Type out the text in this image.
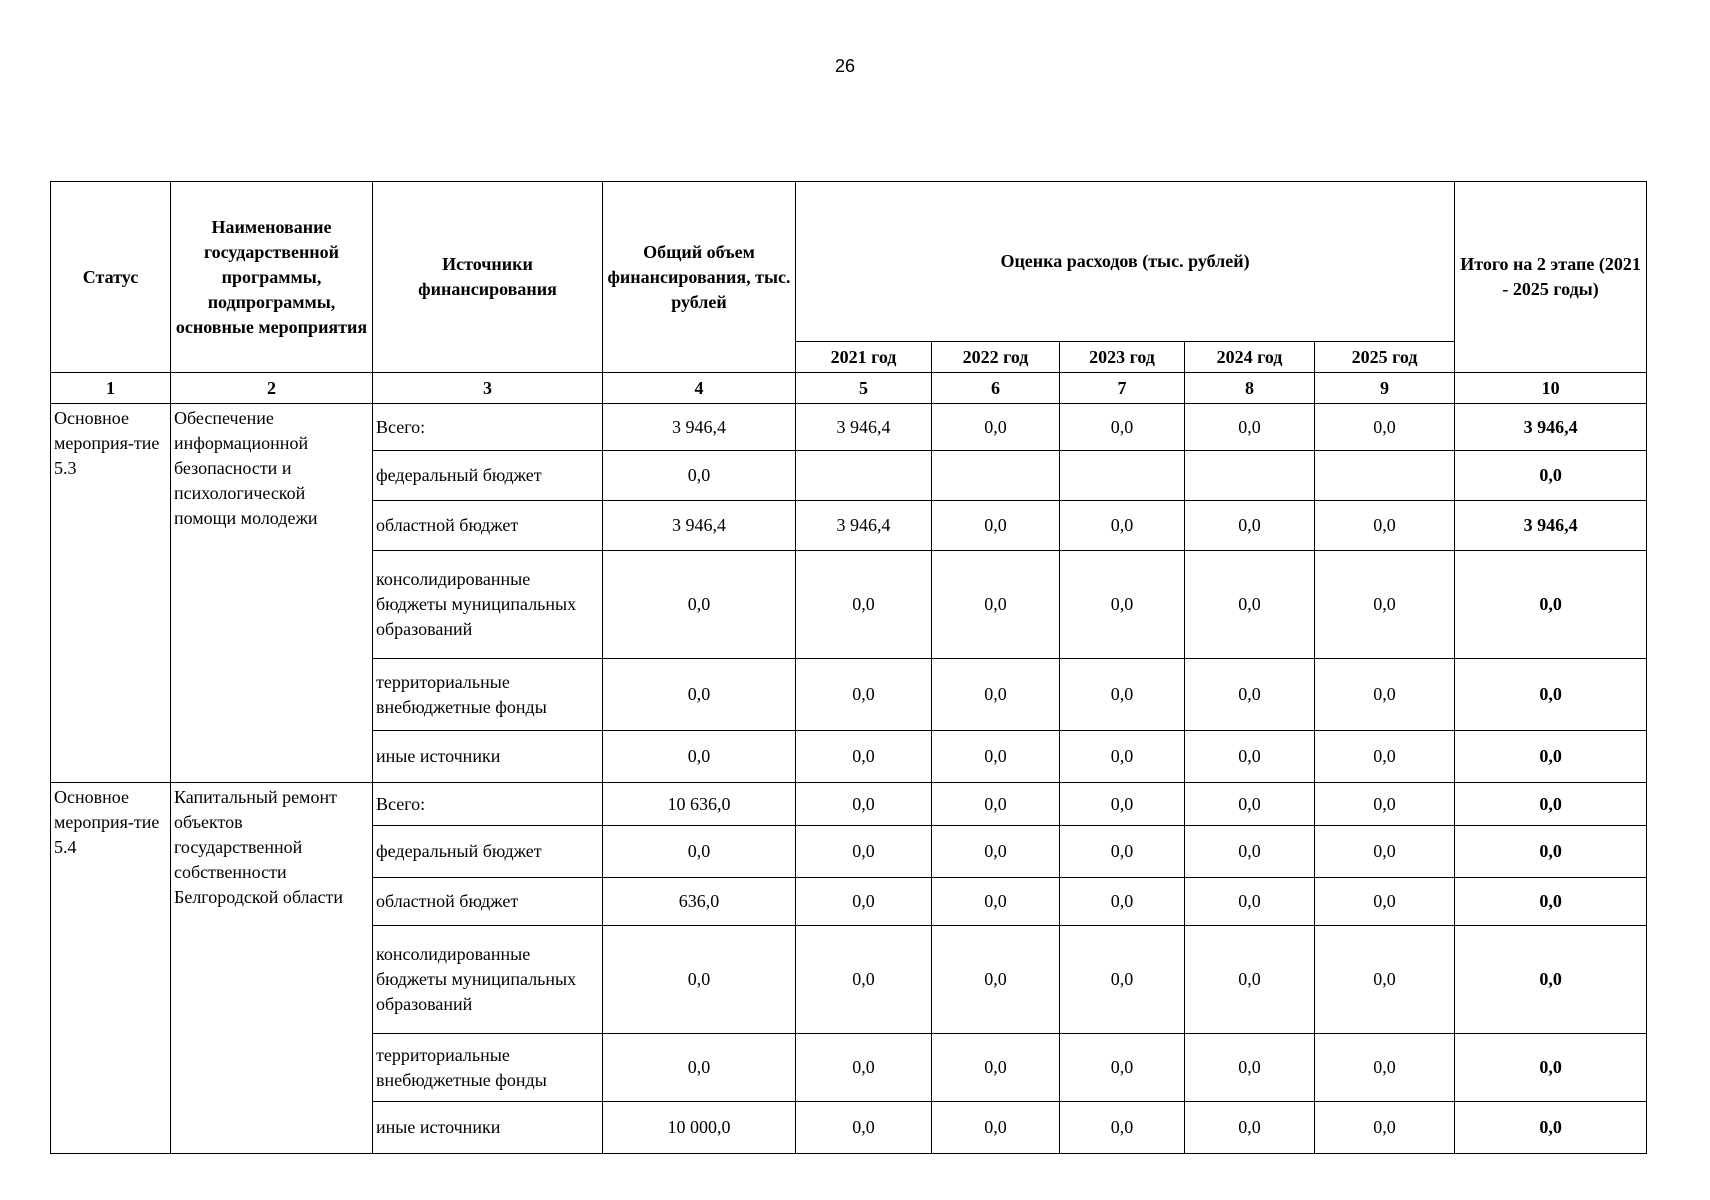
26
Статус	Наименование государственной программы, подпрограммы, основные мероприятия	Источники финансирования	Общий объем финансирования, тыс. рублей	Оценка расходов (тыс. рублей)					Итого на 2 этапе (2021 - 2025 годы)
				2021 год	2022 год	2023 год	2024 год	2025 год	
1	2	3	4	5	6	7	8	9	10
Основное мероприя-тие 5.3	Обеспечение информационной безопасности и психологической помощи молодежи	Всего:	3 946,4	3 946,4	0,0	0,0	0,0	0,0	3 946,4
		федеральный бюджет	0,0						0,0
		областной бюджет	3 946,4	3 946,4	0,0	0,0	0,0	0,0	3 946,4
		консолидированные бюджеты муниципальных образований	0,0	0,0	0,0	0,0	0,0	0,0	0,0
		территориальные внебюджетные фонды	0,0	0,0	0,0	0,0	0,0	0,0	0,0
		иные источники	0,0	0,0	0,0	0,0	0,0	0,0	0,0
Основное мероприя-тие 5.4	Капитальный ремонт объектов государственной собственности Белгородской области	Всего:	10 636,0	0,0	0,0	0,0	0,0	0,0	0,0
		федеральный бюджет	0,0	0,0	0,0	0,0	0,0	0,0	0,0
		областной бюджет	636,0	0,0	0,0	0,0	0,0	0,0	0,0
		консолидированные бюджеты муниципальных образований	0,0	0,0	0,0	0,0	0,0	0,0	0,0
		территориальные внебюджетные фонды	0,0	0,0	0,0	0,0	0,0	0,0	0,0
		иные источники	10 000,0	0,0	0,0	0,0	0,0	0,0	0,0
